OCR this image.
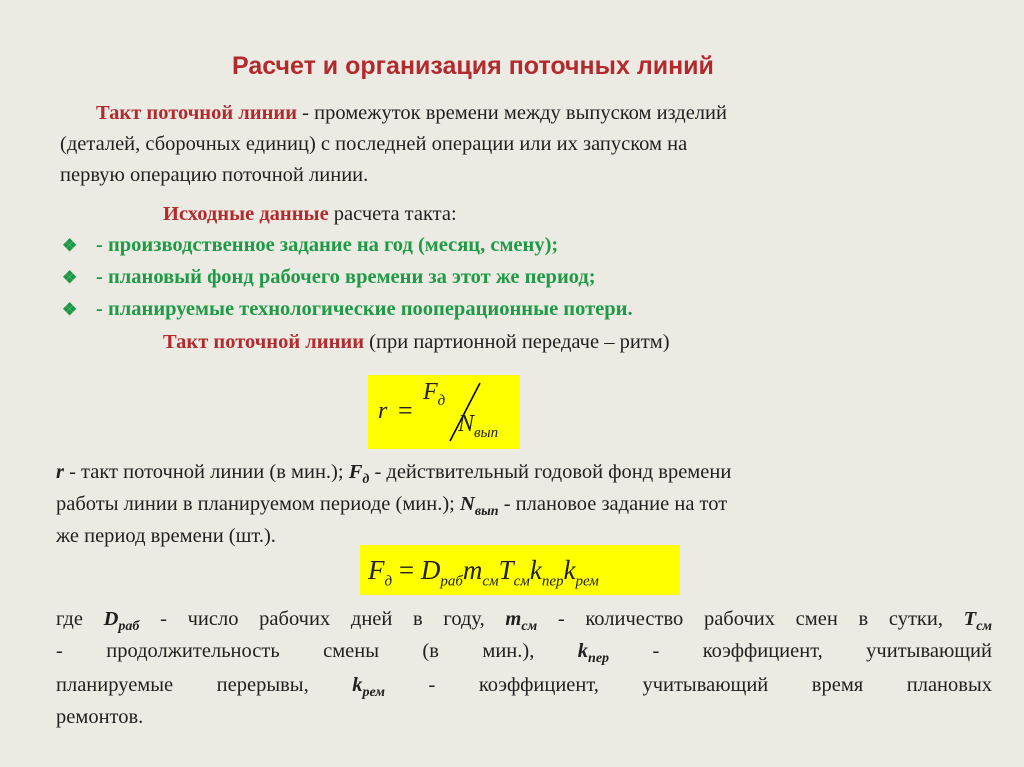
Расчет и организация поточных линий
Такт поточной линии - промежуток времени между выпуском изделий
(деталей, сборочных единиц) с последней операции или их запуском на
первую операцию поточной линии.
Исходные данные расчета такта:
❖ - производственное задание на год (месяц, смену);
❖ - плановый фонд рабочего времени за этот же период;
❖ - планируемые технологические пооперационные потери.
Такт поточной линии (при партионной передаче – ритм)
r =
$F_д$
$N_{вып}$
r - такт поточной линии (в мин.); $F_д$ - действительный годовой фонд времени
работы линии в планируемом периоде (мин.); $N_{вып}$ - плановое задание на тот
же период времени (шт.).
$F_д = D_{раб}m_{см}T_{см}k_{пер}k_{рем}$
где $D_{раб}$ - число рабочих дней в году, $m_{см}$ - количество рабочих смен в сутки, $T_{см}$
- продолжительность смены (в мин.), $k_{пер}$ - коэффициент, учитывающий
планируемые перерывы, $k_{рем}$ - коэффициент, учитывающий время плановых
ремонтов.
